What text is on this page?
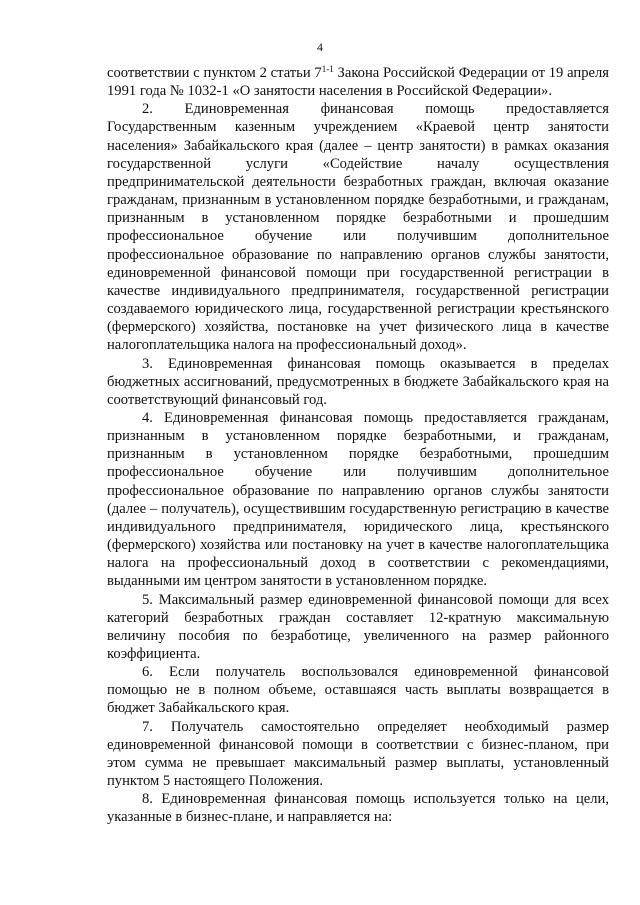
4

соответствии с пунктом 2 статьи 7$^{1-1}$ Закона Российской Федерации от 19 апреля 1991 года № 1032-1 «О занятости населения в Российской Федерации».

2. Единовременная финансовая помощь предоставляется Государственным казенным учреждением «Краевой центр занятости населения» Забайкальского края (далее – центр занятости) в рамках оказания государственной услуги «Содействие началу осуществления предпринимательской деятельности безработных граждан, включая оказание гражданам, признанным в установленном порядке безработными, и гражданам, признанным в установленном порядке безработными и прошедшим профессиональное обучение или получившим дополнительное профессиональное образование по направлению органов службы занятости, единовременной финансовой помощи при государственной регистрации в качестве индивидуального предпринимателя, государственной регистрации создаваемого юридического лица, государственной регистрации крестьянского (фермерского) хозяйства, постановке на учет физического лица в качестве налогоплательщика налога на профессиональный доход».

3. Единовременная финансовая помощь оказывается в пределах бюджетных ассигнований, предусмотренных в бюджете Забайкальского края на соответствующий финансовый год.

4. Единовременная финансовая помощь предоставляется гражданам, признанным в установленном порядке безработными, и гражданам, признанным в установленном порядке безработными, прошедшим профессиональное обучение или получившим дополнительное профессиональное образование по направлению органов службы занятости (далее – получатель), осуществившим государственную регистрацию в качестве индивидуального предпринимателя, юридического лица, крестьянского (фермерского) хозяйства или постановку на учет в качестве налогоплательщика налога на профессиональный доход в соответствии с рекомендациями, выданными им центром занятости в установленном порядке.

5. Максимальный размер единовременной финансовой помощи для всех категорий безработных граждан составляет 12-кратную максимальную величину пособия по безработице, увеличенного на размер районного коэффициента.

6. Если получатель воспользовался единовременной финансовой помощью не в полном объеме, оставшаяся часть выплаты возвращается в бюджет Забайкальского края.

7. Получатель самостоятельно определяет необходимый размер единовременной финансовой помощи в соответствии с бизнес-планом, при этом сумма не превышает максимальный размер выплаты, установленный пунктом 5 настоящего Положения.

8. Единовременная финансовая помощь используется только на цели, указанные в бизнес-плане, и направляется на:
